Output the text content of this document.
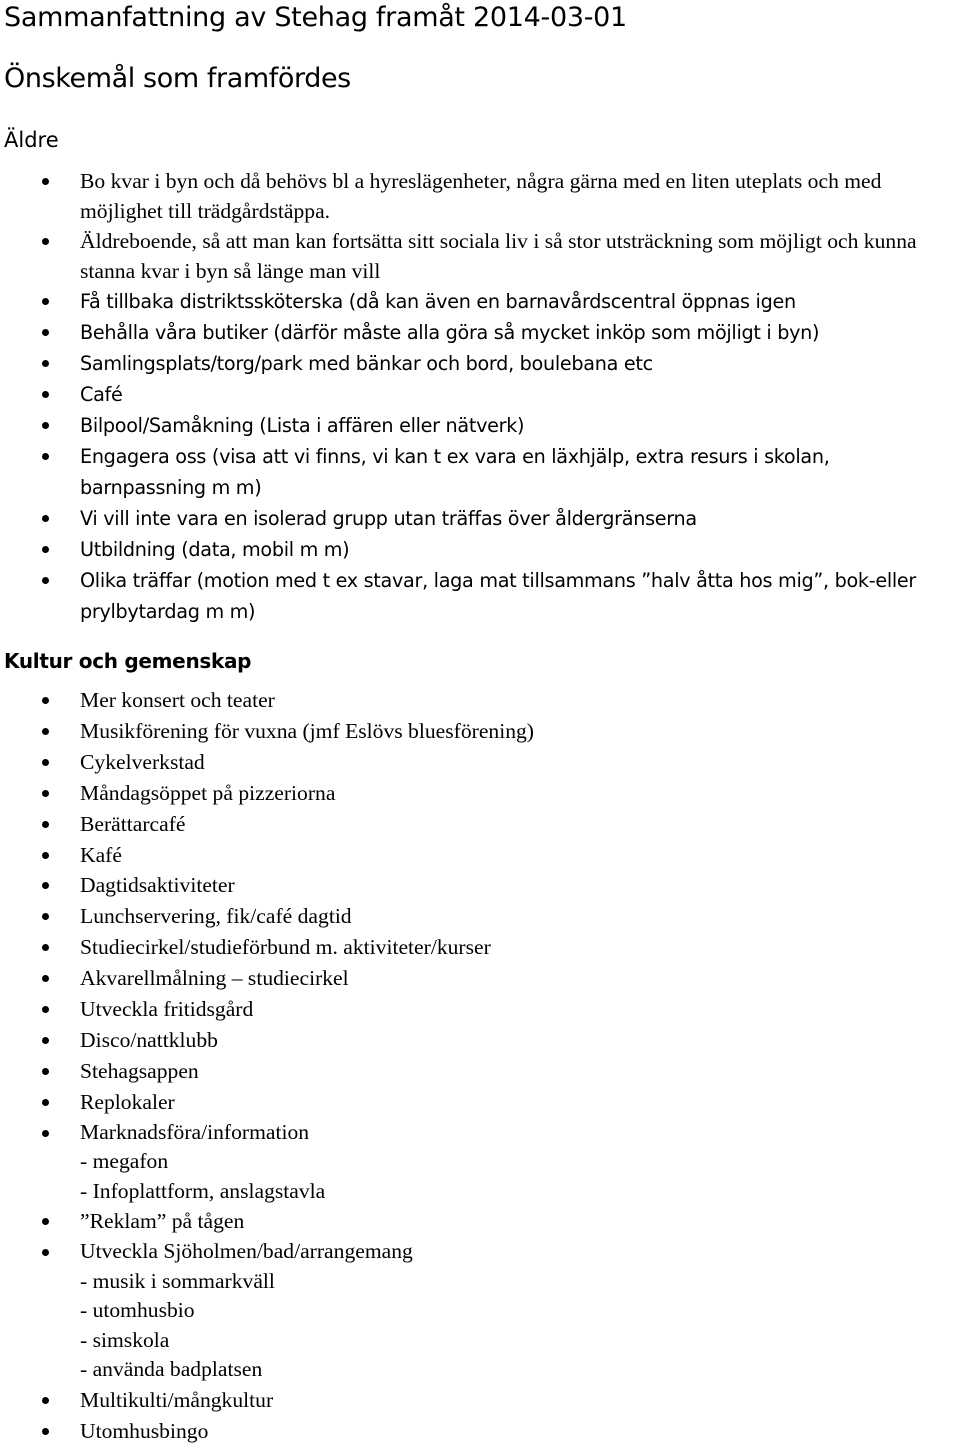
Sammanfattning av Stehag framåt 2014-03-01
Önskemål som framfördes
Äldre
Bo kvar i byn och då behövs bl a hyreslägenheter, några gärna med en liten uteplats och med möjlighet till trädgårdstäppa.
Äldreboende, så att man kan fortsätta sitt sociala liv i så stor utsträckning som möjligt och kunna stanna kvar i byn så länge man vill
Få tillbaka distriktssköterska (då kan även en barnavårdscentral öppnas igen
Behålla våra butiker (därför måste alla göra så mycket inköp som möjligt i byn)
Samlingsplats/torg/park med bänkar och bord, boulebana etc
Café
Bilpool/Samåkning (Lista i affären eller nätverk)
Engagera oss (visa att vi finns, vi kan t ex vara en läxhjälp, extra resurs i skolan, barnpassning m m)
Vi vill inte vara en isolerad grupp utan träffas över åldergränserna
Utbildning (data, mobil m m)
Olika träffar (motion med t ex stavar, laga mat tillsammans ”halv åtta hos mig”, bok-eller prylbytardag m m)
Kultur och gemenskap
Mer konsert och teater
Musikförening för vuxna (jmf Eslövs bluesförening)
Cykelverkstad
Måndagsöppet på pizzeriorna
Berättarcafé
Kafé
Dagtidsaktiviteter
Lunchservering, fik/café dagtid
Studiecirkel/studieförbund m. aktiviteter/kurser
Akvarellmålning – studiecirkel
Utveckla fritidsgård
Disco/nattklubb
Stehagsappen
Replokaler
Marknadsföra/information
- megafon
- Infoplattform, anslagstavla
”Reklam” på tågen
Utveckla Sjöholmen/bad/arrangemang
- musik i sommarkväll
- utomhusbio
- simskola
- använda badplatsen
Multikulti/mångkultur
Utomhusbingo
